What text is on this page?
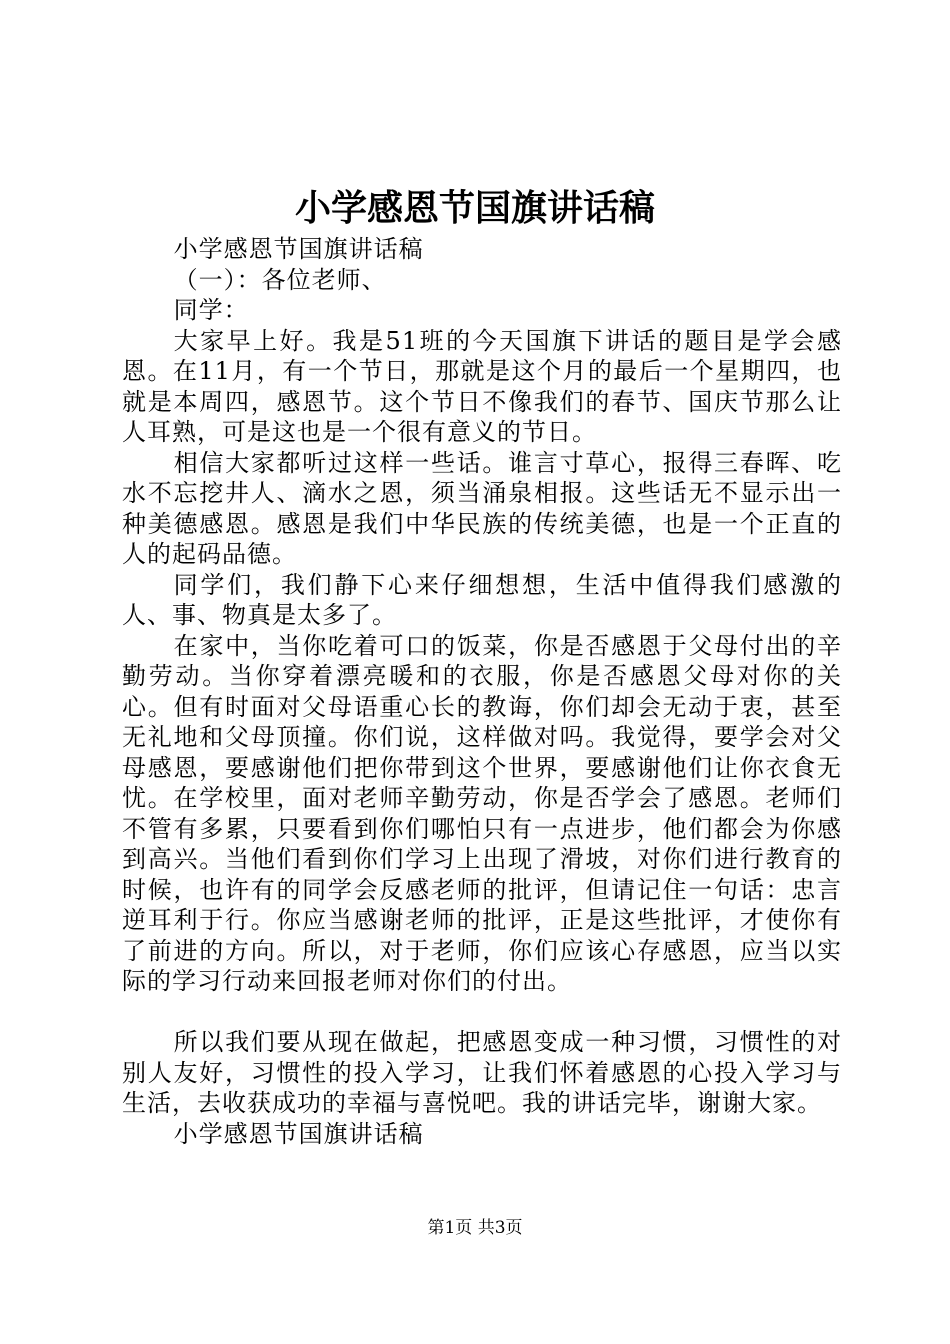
小学感恩节国旗讲话稿

小学感恩节国旗讲话稿

（一）：各位老师、

同学：

大家早上好。我是51班的今天国旗下讲话的题目是学会感恩。在11月，有一个节日，那就是这个月的最后一个星期四，也就是本周四，感恩节。这个节日不像我们的春节、国庆节那么让人耳熟，可是这也是一个很有意义的节日。

相信大家都听过这样一些话。谁言寸草心，报得三春晖、吃水不忘挖井人、滴水之恩，须当涌泉相报。这些话无不显示出一种美德感恩。感恩是我们中华民族的传统美德，也是一个正直的人的起码品德。

同学们，我们静下心来仔细想想，生活中值得我们感激的人、事、物真是太多了。

在家中，当你吃着可口的饭菜，你是否感恩于父母付出的辛勤劳动。当你穿着漂亮暖和的衣服，你是否感恩父母对你的关心。但有时面对父母语重心长的教诲，你们却会无动于衷，甚至无礼地和父母顶撞。你们说，这样做对吗。我觉得，要学会对父母感恩，要感谢他们把你带到这个世界，要感谢他们让你衣食无忧。在学校里，面对老师辛勤劳动，你是否学会了感恩。老师们不管有多累，只要看到你们哪怕只有一点进步，他们都会为你感到高兴。当他们看到你们学习上出现了滑坡，对你们进行教育的时候，也许有的同学会反感老师的批评，但请记住一句话：忠言逆耳利于行。你应当感谢老师的批评，正是这些批评，才使你有了前进的方向。所以，对于老师，你们应该心存感恩，应当以实际的学习行动来回报老师对你们的付出。

所以我们要从现在做起，把感恩变成一种习惯，习惯性的对别人友好，习惯性的投入学习，让我们怀着感恩的心投入学习与生活，去收获成功的幸福与喜悦吧。我的讲话完毕，谢谢大家。

小学感恩节国旗讲话稿

第1页 共3页
